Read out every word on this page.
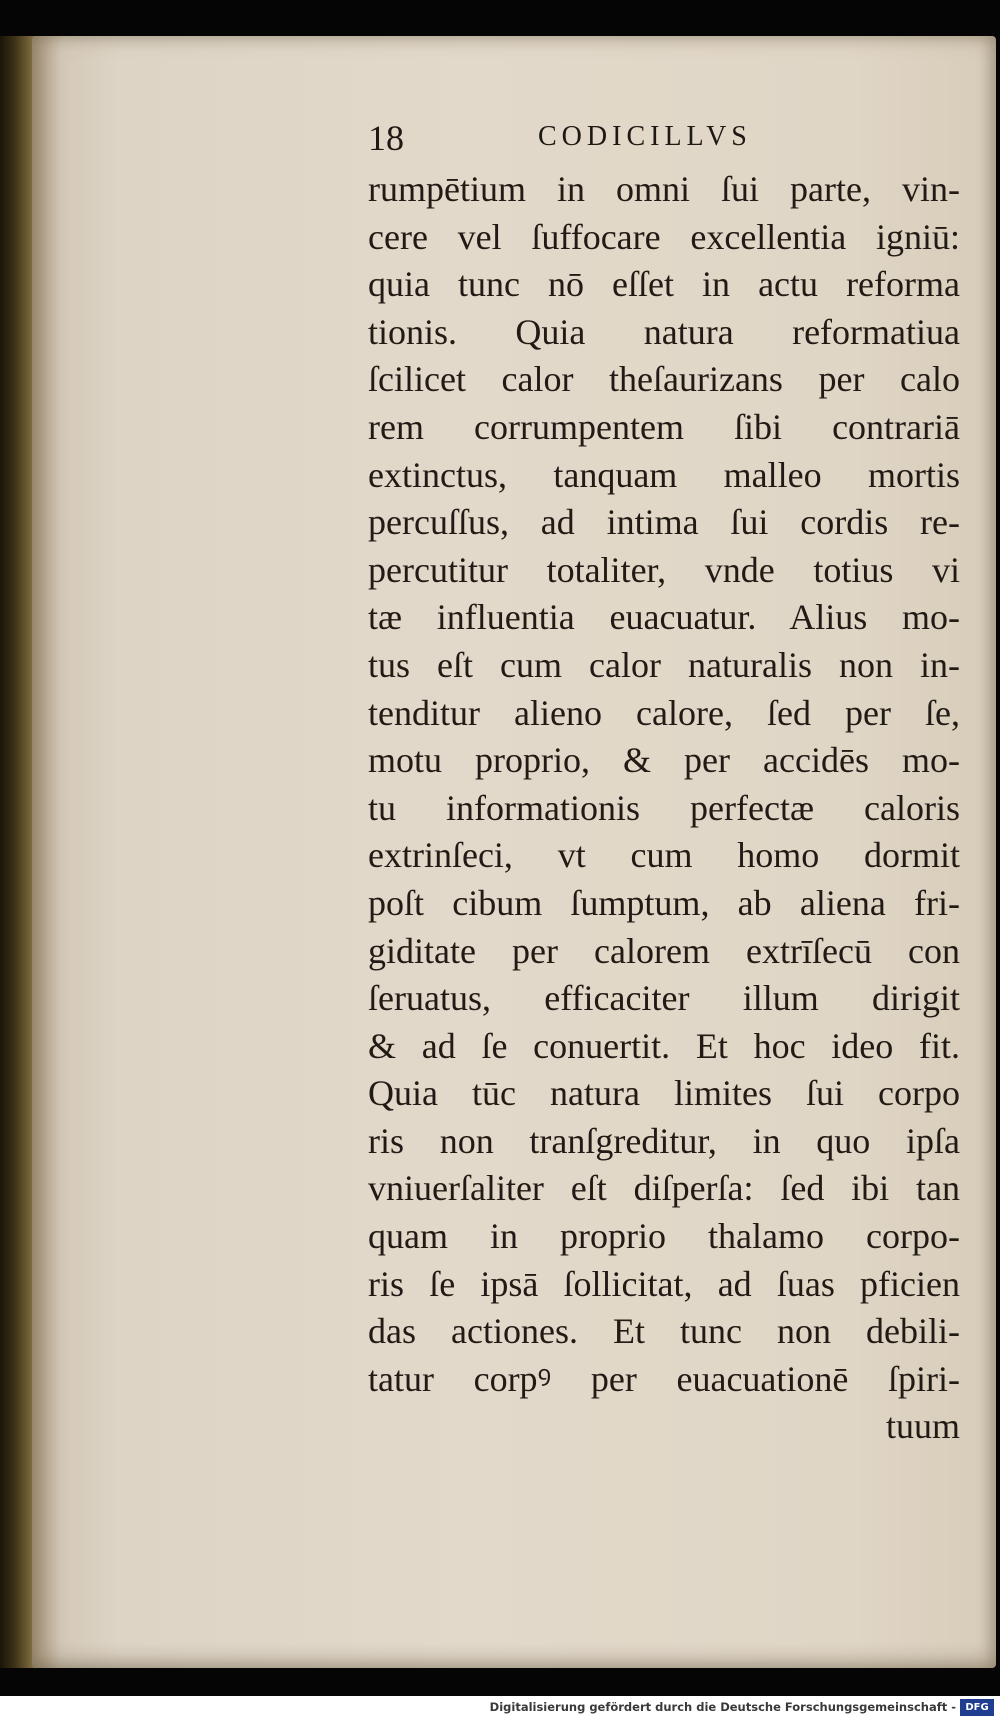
18	CODICILLVS
rumpētium in omni ſui parte, vin-
cere vel ſuffocare excellentia igniū:
quia tunc nō eſſet in actu reforma
tionis. Quia natura reformatiua
ſcilicet calor theſaurizans per calo
rem corrumpentem ſibi contrariā
extinctus, tanquam malleo mortis
percuſſus, ad intima ſui cordis re-
percutitur totaliter, vnde totius vi
tæ influentia euacuatur. Alius mo-
tus eſt cum calor naturalis non in-
tenditur alieno calore, ſed per ſe,
motu proprio, & per accidēs mo-
tu informationis perfectæ caloris
extrinſeci, vt cum homo dormit
poſt cibum ſumptum, ab aliena fri-
giditate per calorem extrīſecū con
ſeruatus, efficaciter illum dirigit
& ad ſe conuertit. Et hoc ideo fit.
Quia tūc natura limites ſui corpo
ris non tranſgreditur, in quo ipſa
vniuerſaliter eſt diſperſa: ſed ibi tan
quam in proprio thalamo corpo-
ris ſe ipsā ſollicitat, ad ſuas pficien
das actiones. Et tunc non debili-
tatur corpꝰ per euacuationē ſpiri-
tuum
Digitalisierung gefördert durch die Deutsche Forschungsgemeinschaft - DFG
